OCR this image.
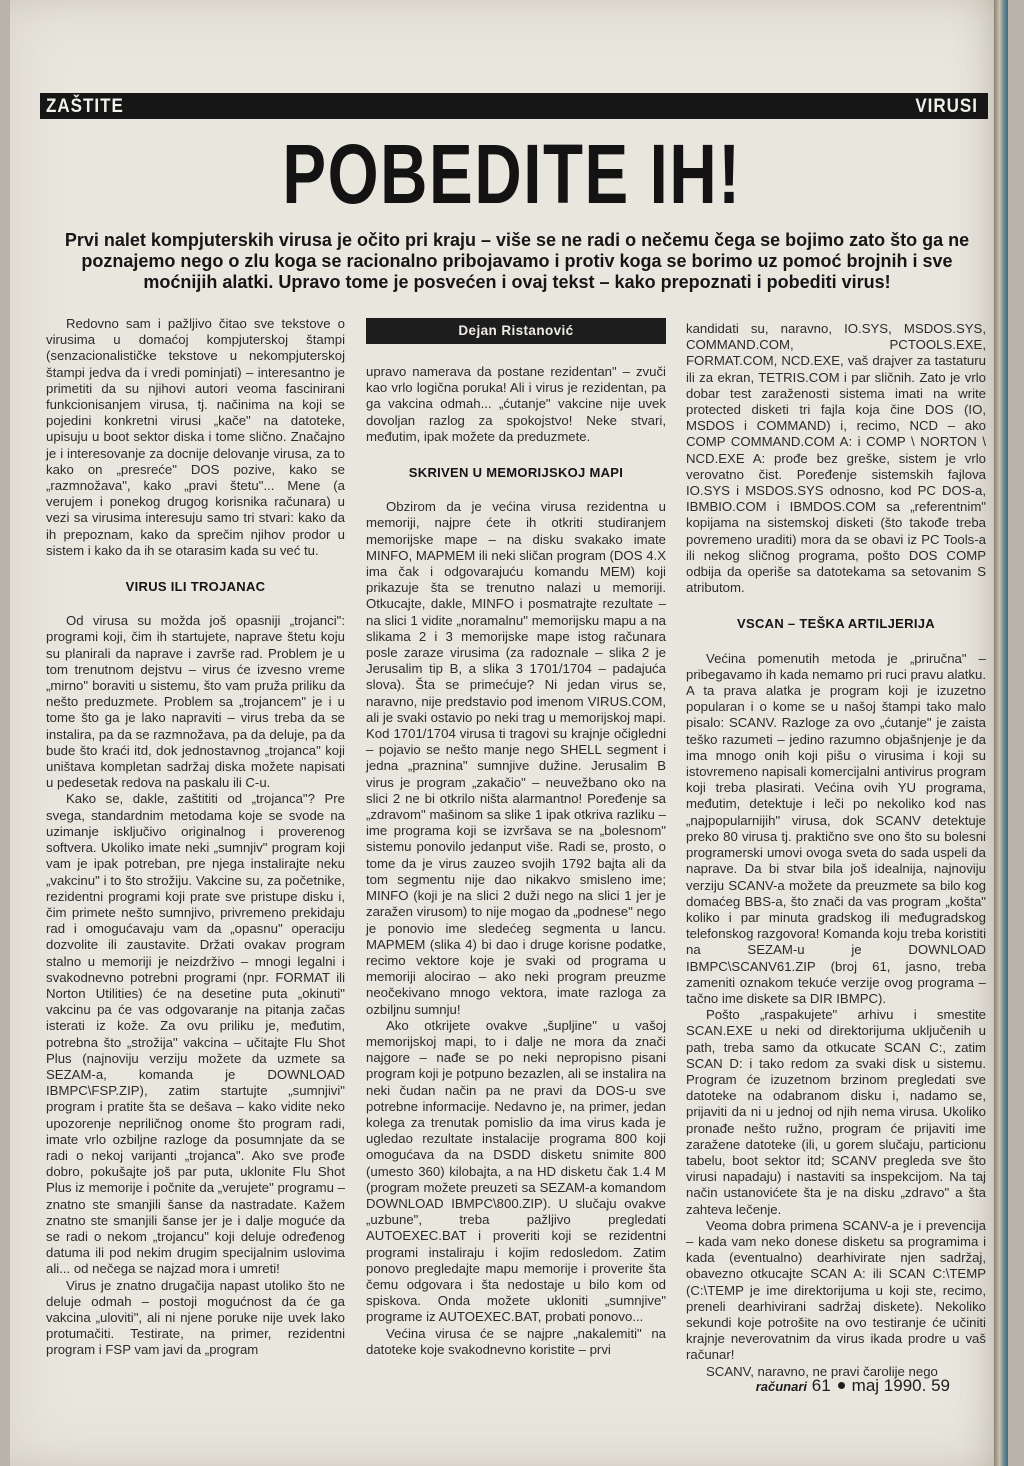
ZAŠTITE	VIRUSI
POBEDITE IH!
Prvi nalet kompjuterskih virusa je očito pri kraju – više se ne radi o nečemu čega se bojimo zato što ga ne poznajemo nego o zlu koga se racionalno pribojavamo i protiv koga se borimo uz pomoć brojnih i sve moćnijih alatki. Upravo tome je posvećen i ovaj tekst – kako prepoznati i pobediti virus!

Redovno sam i pažljivo čitao sve tekstove o virusima u domaćoj kompjuterskoj štampi (senzacionalističke tekstove u nekompjuterskoj štampi jedva da i vredi pominjati) – interesantno je primetiti da su njihovi autori veoma fascinirani funkcionisanjem virusa, tj. načinima na koji se pojedini konkretni virusi „kače" na datoteke, upisuju u boot sektor diska i tome slično. Značajno je i interesovanje za docnije delovanje virusa, za to kako on „presreće" DOS pozive, kako se „razmnožava", kako „pravi štetu"... Mene (a verujem i ponekog drugog korisnika računara) u vezi sa virusima interesuju samo tri stvari: kako da ih prepoznam, kako da sprečim njihov prodor u sistem i kako da ih se otarasim kada su već tu.

VIRUS ILI TROJANAC

Od virusa su možda još opasniji „trojanci": programi koji, čim ih startujete, naprave štetu koju su planirali da naprave i završe rad. Problem je u tom trenutnom dejstvu – virus će izvesno vreme „mirno" boraviti u sistemu, što vam pruža priliku da nešto preduzmete. Problem sa „trojancem" je i u tome što ga je lako napraviti – virus treba da se instalira, pa da se razmnožava, pa da deluje, pa da bude što kraći itd, dok jednostavnog „trojanca" koji uništava kompletan sadržaj diska možete napisati u pedesetak redova na paskalu ili C-u.

Kako se, dakle, zaštititi od „trojanca"? Pre svega, standardnim metodama koje se svode na uzimanje isključivo originalnog i proverenog softvera. Ukoliko imate neki „sumnjiv" program koji vam je ipak potreban, pre njega instalirajte neku „vakcinu" i to što strožiju. Vakcine su, za početnike, rezidentni programi koji prate sve pristupe disku i, čim primete nešto sumnjivo, privremeno prekidaju rad i omogućavaju vam da „opasnu" operaciju dozvolite ili zaustavite. Držati ovakav program stalno u memoriji je neizdrživo – mnogi legalni i svakodnevno potrebni programi (npr. FORMAT ili Norton Utilities) će na desetine puta „okinuti" vakcinu pa će vas odgovaranje na pitanja začas isterati iz kože. Za ovu priliku je, međutim, potrebna što „strožija" vakcina – učitajte Flu Shot Plus (najnoviju verziju možete da uzmete sa SEZAM-a, komanda je DOWNLOAD IBMPC\FSP.ZIP), zatim startujte „sumnjivi" program i pratite šta se dešava – kako vidite neko upozorenje nepriličnog onome što program radi, imate vrlo ozbiljne razloge da posumnjate da se radi o nekoj varijanti „trojanca". Ako sve prođe dobro, pokušajte još par puta, uklonite Flu Shot Plus iz memorije i počnite da „verujete" programu – znatno ste smanjili šanse da nastradate. Kažem znatno ste smanjili šanse jer je i dalje moguće da se radi o nekom „trojancu" koji deluje određenog datuma ili pod nekim drugim specijalnim uslovima ali... od nečega se najzad mora i umreti!

Virus je znatno drugačija napast utoliko što ne deluje odmah – postoji mogućnost da će ga vakcina „uloviti", ali ni njene poruke nije uvek lako protumačiti. Testirate, na primer, rezidentni program i FSP vam javi da „program

Dejan Ristanović

upravo namerava da postane rezidentan" – zvuči kao vrlo logična poruka! Ali i virus je rezidentan, pa ga vakcina odmah... „ćutanje" vakcine nije uvek dovoljan razlog za spokojstvo! Neke stvari, međutim, ipak možete da preduzmete.

SKRIVEN U MEMORIJSKOJ MAPI

Obzirom da je većina virusa rezidentna u memoriji, najpre ćete ih otkriti studiranjem memorijske mape – na disku svakako imate MINFO, MAPMEM ili neki sličan program (DOS 4.X ima čak i odgovarajuću komandu MEM) koji prikazuje šta se trenutno nalazi u memoriji. Otkucajte, dakle, MINFO i posmatrajte rezultate – na slici 1 vidite „noramalnu" memorijsku mapu a na slikama 2 i 3 memorijske mape istog računara posle zaraze virusima (za radoznale – slika 2 je Jerusalim tip B, a slika 3 1701/1704 – padajuća slova). Šta se primećuje? Ni jedan virus se, naravno, nije predstavio pod imenom VIRUS.COM, ali je svaki ostavio po neki trag u memorijskoj mapi. Kod 1701/1704 virusa ti tragovi su krajnje očigledni – pojavio se nešto manje nego SHELL segment i jedna „praznina" sumnjive dužine. Jerusalim B virus je program „zakačio" – neuvežbano oko na slici 2 ne bi otkrilo ništa alarmantno! Poređenje sa „zdravom" mašinom sa slike 1 ipak otkriva razliku – ime programa koji se izvršava se na „bolesnom" sistemu ponovilo jedanput više. Radi se, prosto, o tome da je virus zauzeo svojih 1792 bajta ali da tom segmentu nije dao nikakvo smisleno ime; MINFO (koji je na slici 2 duži nego na slici 1 jer je zaražen virusom) to nije mogao da „podnese" nego je ponovio ime sledećeg segmenta u lancu. MAPMEM (slika 4) bi dao i druge korisne podatke, recimo vektore koje je svaki od programa u memoriji alocirao – ako neki program preuzme neočekivano mnogo vektora, imate razloga za ozbiljnu sumnju!

Ako otkrijete ovakve „šupljine" u vašoj memorijskoj mapi, to i dalje ne mora da znači najgore – nađe se po neki nepropisno pisani program koji je potpuno bezazlen, ali se instalira na neki čudan način pa ne pravi da DOS-u sve potrebne informacije. Nedavno je, na primer, jedan kolega za trenutak pomislio da ima virus kada je ugledao rezultate instalacije programa 800 koji omogućava da na DSDD disketu snimite 800 (umesto 360) kilobajta, a na HD disketu čak 1.4 M (program možete preuzeti sa SEZAM-a komandom DOWNLOAD IBMPC\800.ZIP). U slučaju ovakve „uzbune", treba pažljivo pregledati AUTOEXEC.BAT i proveriti koji se rezidentni programi instaliraju i kojim redosledom. Zatim ponovo pregledajte mapu memorije i proverite šta čemu odgovara i šta nedostaje u bilo kom od spiskova. Onda možete ukloniti „sumnjive" programe iz AUTOEXEC.BAT, probati ponovo...

Većina virusa će se najpre „nakalemiti" na datoteke koje svakodnevno koristite – prvi

kandidati su, naravno, IO.SYS, MSDOS.SYS, COMMAND.COM, PCTOOLS.EXE, FORMAT.COM, NCD.EXE, vaš drajver za tastaturu ili za ekran, TETRIS.COM i par sličnih. Zato je vrlo dobar test zaraženosti sistema imati na write protected disketi tri fajla koja čine DOS (IO, MSDOS i COMMAND) i, recimo, NCD – ako COMP COMMAND.COM A: i COMP \ NORTON \ NCD.EXE A: prođe bez greške, sistem je vrlo verovatno čist. Poređenje sistemskih fajlova IO.SYS i MSDOS.SYS odnosno, kod PC DOS-a, IBMBIO.COM i IBMDOS.COM sa „referentnim" kopijama na sistemskoj disketi (što takođe treba povremeno uraditi) mora da se obavi iz PC Tools-a ili nekog sličnog programa, pošto DOS COMP odbija da operiše sa datotekama sa setovanim S atributom.

VSCAN – TEŠKA ARTILJERIJA

Većina pomenutih metoda je „priručna" – pribegavamo ih kada nemamo pri ruci pravu alatku. A ta prava alatka je program koji je izuzetno popularan i o kome se u našoj štampi tako malo pisalo: SCANV. Razloge za ovo „ćutanje" je zaista teško razumeti – jedino razumno objašnjenje je da ima mnogo onih koji pišu o virusima i koji su istovremeno napisali komercijalni antivirus program koji treba plasirati. Većina ovih YU programa, međutim, detektuje i leči po nekoliko kod nas „najpopularnijih" virusa, dok SCANV detektuje preko 80 virusa tj. praktično sve ono što su bolesni programerski umovi ovoga sveta do sada uspeli da naprave. Da bi stvar bila još idealnija, najnoviju verziju SCANV-a možete da preuzmete sa bilo kog domaćeg BBS-a, što znači da vas program „košta" koliko i par minuta gradskog ili međugradskog telefonskog razgovora! Komanda koju treba koristiti na SEZAM-u je DOWNLOAD IBMPC\SCANV61.ZIP (broj 61, jasno, treba zameniti oznakom tekuće verzije ovog programa – tačno ime diskete sa DIR IBMPC).

Pošto „raspakujete" arhivu i smestite SCAN.EXE u neki od direktorijuma uključenih u path, treba samo da otkucate SCAN C:, zatim SCAN D: i tako redom za svaki disk u sistemu. Program će izuzetnom brzinom pregledati sve datoteke na odabranom disku i, nadamo se, prijaviti da ni u jednoj od njih nema virusa. Ukoliko pronađe nešto ružno, program će prijaviti ime zaražene datoteke (ili, u gorem slučaju, particionu tabelu, boot sektor itd; SCANV pregleda sve što virusi napadaju) i nastaviti sa inspekcijom. Na taj način ustanovićete šta je na disku „zdravo" a šta zahteva lečenje.

Veoma dobra primena SCANV-a je i prevencija – kada vam neko donese disketu sa programima i kada (eventualno) dearhivirate njen sadržaj, obavezno otkucajte SCAN A: ili SCAN C:\TEMP (C:\TEMP je ime direktorijuma u koji ste, recimo, preneli dearhivirani sadržaj diskete). Nekoliko sekundi koje potrošite na ovo testiranje će učiniti krajnje neverovatnim da virus ikada prodre u vaš računar!

SCANV, naravno, ne pravi čarolije nego

računari 61 maj 1990. 59
